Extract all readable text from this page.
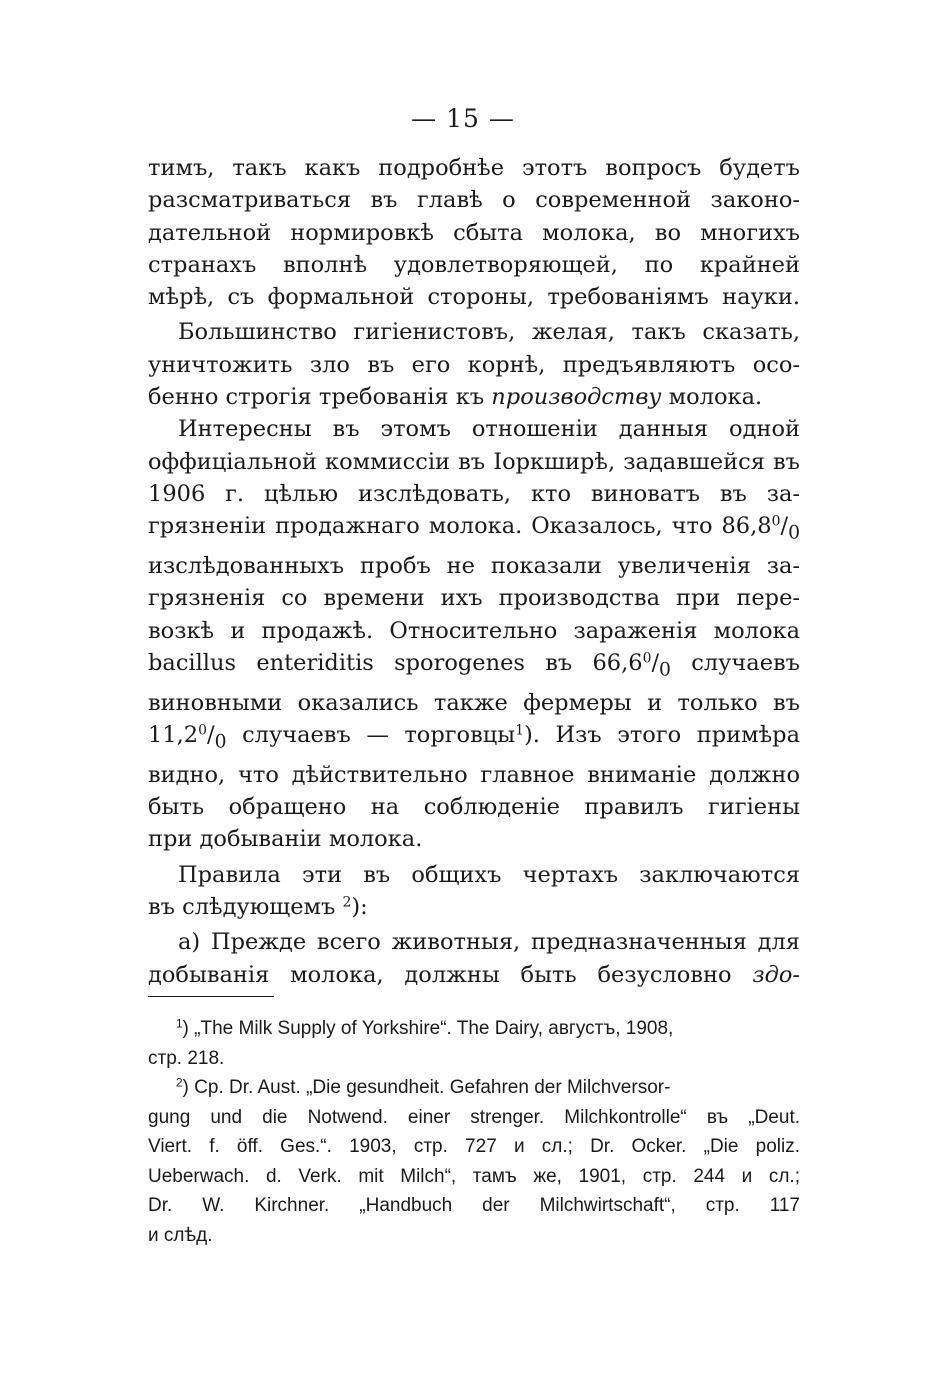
— 15 —
тимъ, такъ какъ подробнѣе этотъ вопросъ будетъ
разсматриваться въ главѣ о современной законо-
дательной нормировкѣ сбыта молока, во многихъ
странахъ вполнѣ удовлетворяющей, по крайней
мѣрѣ, съ формальной стороны, требованіямъ науки.
Большинство гигіенистовъ, желая, такъ сказать,
уничтожить зло въ его корнѣ, предъявляютъ осо-
бенно строгія требованія къ производству молока.
Интересны въ этомъ отношеніи данныя одной
оффиціальной коммиссіи въ Іоркширѣ, задавшейся въ
1906 г. цѣлью изслѣдовать, кто виноватъ въ за-
грязненіи продажнаго молока. Оказалось, что $86,8^0/_0$
изслѣдованныхъ пробъ не показали увеличенія за-
грязненія со времени ихъ производства при пере-
возкѣ и продажѣ. Относительно зараженія молока
bacillus enteriditis sporogenes въ $66,6^0/_0$ случаевъ
виновными оказались также фермеры и только въ
$11,2^0/_0$ случаевъ — торговцы$^1$). Изъ этого примѣра
видно, что дѣйствительно главное вниманіе должно
быть обращено на соблюденіе правилъ гигіены
при добываніи молока.
Правила эти въ общихъ чертахъ заключаются
въ слѣдующемъ $^2$):
а) Прежде всего животныя, предназначенныя для
добыванія молока, должны быть безусловно здо-
$^1$) „The Milk Supply of Yorkshire“. The Dairy, августъ, 1908,
стр. 218.
$^2$) Cp. Dr. Aust. „Die gesundheit. Gefahren der Milchversor-
gung und die Notwend. einer strenger. Milchkontrolle“ въ „Deut.
Viert. f. öff. Ges.“. 1903, стр. 727 и сл.; Dr. Ocker. „Die poliz.
Ueberwach. d. Verk. mit Milch“, тамъ же, 1901, стр. 244 и сл.;
Dr. W. Kirchner. „Handbuch der Milchwirtschaft“, стр. 117
и слѣд.
